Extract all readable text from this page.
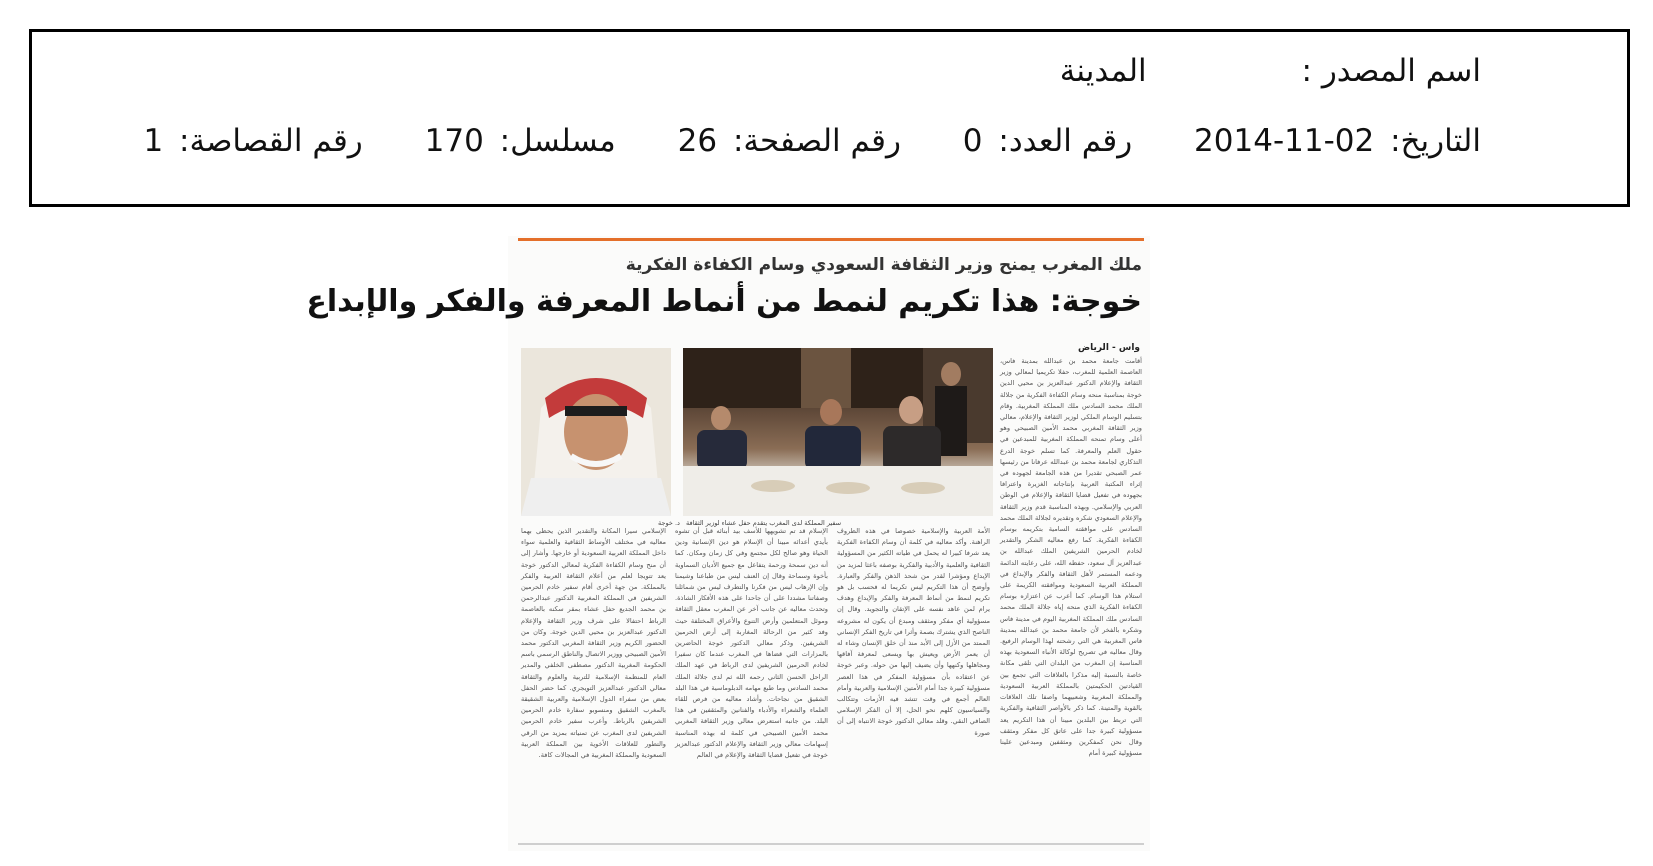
اسم المصدر : المدينة
التاريخ: 2014-11-02 رقم العدد: 0 رقم الصفحة: 26 مسلسل: 170 رقم القصاصة: 1
ملك المغرب يمنح وزير الثقافة السعودي وسام الكفاءة الفكرية
خوجة: هذا تكريم لنمط من أنماط المعرفة والفكر والإبداع
واس - الرياض
أقامت جامعة محمد بن عبدالله بمدينة فاس، العاصمة العلمية للمغرب، حفلا تكريميا لمعالي وزير الثقافة والإعلام الدكتور عبدالعزيز بن محيي الدين خوجة بمناسبة منحه وسام الكفاءة الفكرية من جلالة الملك محمد السادس ملك المملكة المغربية. وقام بتسليم الوسام الملكي لوزير الثقافة والإعلام، معالي وزير الثقافة المغربي محمد الأمين الصبيحي وهو أعلى وسام تمنحه المملكة المغربية للمبدعين في حقول العلم والمعرفة. كما تسلم خوجة الدرع التذكاري لجامعة محمد بن عبدالله عرفانا من رئيسها عمر الصبحي تقديرا من هذه الجامعة لجهوده في إثراء المكتبة العربية بإنتاجاته الغزيرة واعترافا بجهوده في تفعيل قضايا الثقافة والإعلام في الوطن العربي والإسلامي. وبهذه المناسبة قدم وزير الثقافة والإعلام السعودي شكره وتقديره لجلالة الملك محمد السادس على موافقته السامية بتكريمه بوسام الكفاءة الفكرية. كما رفع معاليه الشكر والتقدير لخادم الحرمين الشريفين الملك عبدالله بن عبدالعزيز آل سعود، حفظه الله، على رعايته الدائمة ودعمه المستمر لأهل الثقافة والفكر والإبداع في المملكة العربية السعودية وموافقته الكريمة على استلام هذا الوسام. كما أعرب عن اعتزازه بوسام الكفاءة الفكرية الذي منحه إياه جلالة الملك محمد السادس ملك المملكة المغربية اليوم في مدينة فاس وشكره بالفخر لأن جامعة محمد بن عبدالله بمدينة فاس المغربية هي التي رشحته لهذا الوسام الرفيع. وقال معاليه في تصريح لوكالة الأنباء السعودية بهذه المناسبة إن المغرب من البلدان التي تلقى مكانة خاصة بالنسبة إليه مذكرا بالعلاقات التي تجمع بين القيادتين الحكيمتين بالمملكة العربية السعودية والمملكة المغربية وشعبيهما واصفا تلك العلاقات بالقوية والمتينة. كما ذكر بالأواصر الثقافية والفكرية التي تربط بين البلدين مبينا أن هذا التكريم يعد مسؤولية كبيرة جدا على عاتق كل مفكر ومثقف وقال نحن كمفكرين ومثقفين ومبدعين علينا مسؤولية كبيرة أمام
الأمة العربية والإسلامية خصوصا في هذه الظروف الراهنة. وأكد معاليه في كلمة أن وسام الكفاءة الفكرية يعد شرفا كبيرا له يحمل في طياته الكثير من المسؤولية الثقافية والعلمية والأدبية والفكرية بوصفه باعثا لمزيد من الإبداع ومؤشرا لقدر من شحذ الذهن والفكر والعبارة. وأوضح أن هذا التكريم ليس تكريما له فحسب بل هو تكريم لنمط من أنماط المعرفة والفكر والإبداع وهدف يرام لمن عاهد نفسه على الإتقان والتجويد. وقال إن مسؤولية أي مفكر ومثقف ومبدع أن يكون له مشروعه الناصح الذي يشترك بصمة وأثرا في تاريخ الفكر الإنساني الممتد من الأزل إلى الأبد منذ أن خلق الإنسان وشاء له أن يعمر الأرض ويعيش بها ويسعى لمعرفة آفاقها ومجاهلها وكنهها وأن يضيف إليها من حوله. وعبر خوجة عن اعتقاده بأن مسؤولية المفكر في هذا العصر مسؤولية كبيرة جدا أمام الأمتين الإسلامية والعربية وأمام العالم أجمع في وقت تتشد فيه الأزمات وتتكالب والسياسيون كلهم نحو الحل، إلا أن الفكر الإسلامي الصافي النقي. وقلد معالي الدكتور خوجة الانتباه إلى أن صورة
الإسلام قد تم تشويهها للأسف بيد أبنائه قبل أن تشوه بأيدي أعدائه مبينا أن الإسلام هو دين الإنسانية ودين الحياة وهو صالح لكل مجتمع وفي كل زمان ومكان. كما أنه دين سمحة ورحمة يتفاعل مع جميع الأديان السماوية بأخوة وسماحة وقال إن العنف ليس من طباعنا وشيمنا وإن الإرهاب ليس من فكرنا والتطرف ليس من شمائلنا وصفاتنا مشددا على أن جاحدا على هذه الأفكار الشاذة. وتحدث معاليه عن جانب آخر عن المغرب معقل الثقافة وموئل المتعلمين وأرض التنوع والأعراق المختلفة حيث وفد كثير من الرحالة المغاربة إلى أرض الحرمين الشريفين. وذكر معالي الدكتور خوجة الحاضرين بالمزارات التي قضاها في المغرب عندما كان سفيرا لخادم الحرمين الشريفين لدى الرباط في عهد الملك الراحل الحسن الثاني رحمه الله ثم لدى جلالة الملك محمد السادس وما طبع مهامه الدبلوماسية في هذا البلد الشقيق من نجاحات. وأشاد معاليه من فرص للقاء العلماء والشعراء والأدباء والفنانين والمثقفين في هذا البلد. من جانبه استعرض معالي وزير الثقافة المغربي محمد الأمين الصبيحي في كلمة له بهذه المناسبة إسهامات معالي وزير الثقافة والإعلام الدكتور عبدالعزيز خوجة في تفعيل قضايا الثقافة والإعلام في العالم
الإسلامي سيرا المكانة والتقدير الذين يحظى بهما معاليه في مختلف الأوساط الثقافية والعلمية سواء داخل المملكة العربية السعودية أو خارجها. وأشار إلى أن منح وسام الكفاءة الفكرية لمعالي الدكتور خوجة يعد تتويجا لعلم من أعلام الثقافة العربية والفكر بالمملكة. من جهة أخرى أقام سفير خادم الحرمين الشريفين في المملكة المغربية الدكتور عبدالرحمن بن محمد الجديع حفل عشاء بمقر سكنه بالعاصمة الرباط احتفالا على شرف وزير الثقافة والإعلام الدكتور عبدالعزيز بن محيي الدين خوجة. وكان من الحضور الكريم وزير الثقافة المغربي الدكتور محمد الأمين الصبيحي ووزير الاتصال والناطق الرسمي باسم الحكومة المغربية الدكتور مصطفى الخلفي والمدير العام للمنظمة الإسلامية للتربية والعلوم والثقافة معالي الدكتور عبدالعزيز التويجري. كما حضر الحفل بعض من سفراء الدول الإسلامية والعربية الشقيقة بالمغرب الشقيق ومنسوبو سفارة خادم الحرمين الشريفين بالرباط. وأعرب سفير خادم الحرمين الشريفين لدى المغرب عن تمنياته بمزيد من الرقي والتطور للعلاقات الأخوية بين المملكة العربية السعودية والمملكة المغربية في المجالات كافة.
سفير المملكة لدى المغرب يتقدم حفل عشاء لوزير الثقافة
د. خوجة
